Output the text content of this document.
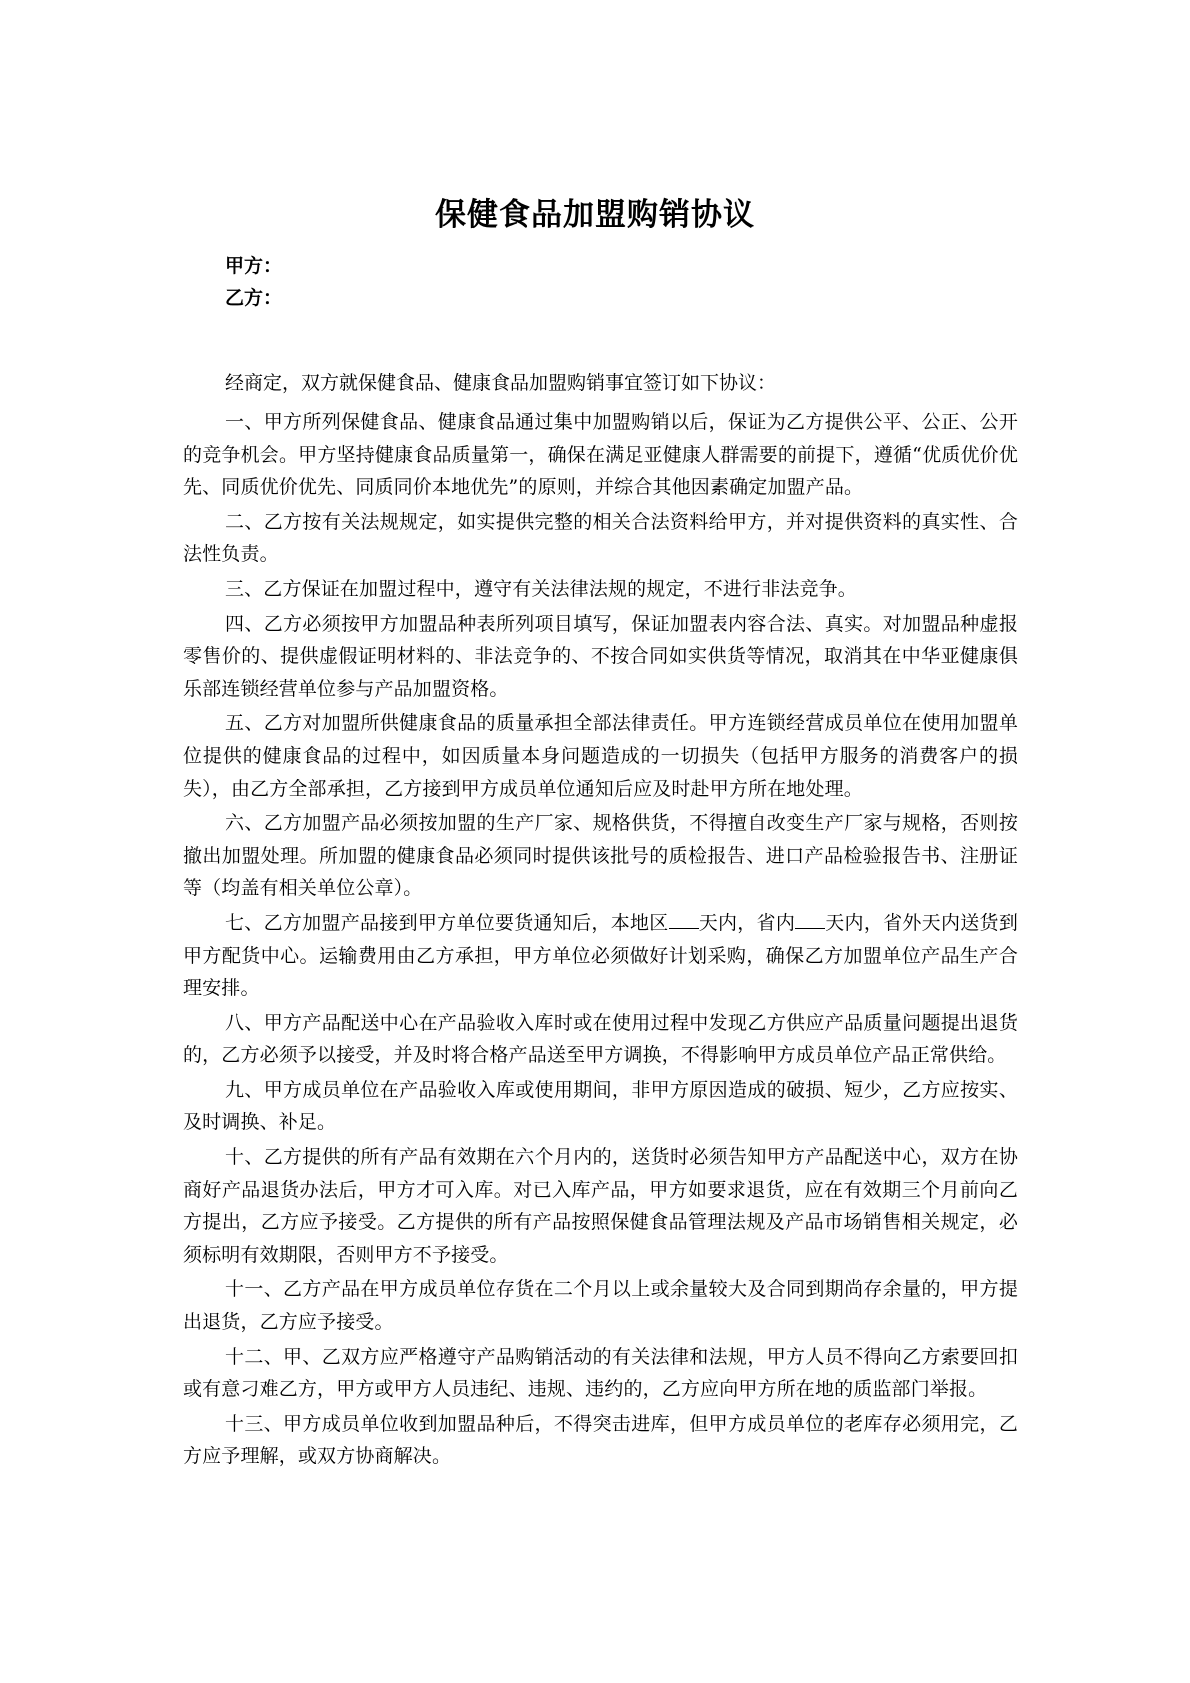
保健食品加盟购销协议
甲方：
乙方：

经商定，双方就保健食品、健康食品加盟购销事宜签订如下协议：

一、甲方所列保健食品、健康食品通过集中加盟购销以后，保证为乙方提供公平、公正、公开的竞争机会。甲方坚持健康食品质量第一，确保在满足亚健康人群需要的前提下，遵循“优质优价优先、同质优价优先、同质同价本地优先”的原则，并综合其他因素确定加盟产品。

二、乙方按有关法规规定，如实提供完整的相关合法资料给甲方，并对提供资料的真实性、合法性负责。

三、乙方保证在加盟过程中，遵守有关法律法规的规定，不进行非法竞争。

四、乙方必须按甲方加盟品种表所列项目填写，保证加盟表内容合法、真实。对加盟品种虚报零售价的、提供虚假证明材料的、非法竞争的、不按合同如实供货等情况，取消其在中华亚健康俱乐部连锁经营单位参与产品加盟资格。

五、乙方对加盟所供健康食品的质量承担全部法律责任。甲方连锁经营成员单位在使用加盟单位提供的健康食品的过程中，如因质量本身问题造成的一切损失（包括甲方服务的消费客户的损失），由乙方全部承担，乙方接到甲方成员单位通知后应及时赴甲方所在地处理。

六、乙方加盟产品必须按加盟的生产厂家、规格供货，不得擅自改变生产厂家与规格，否则按撤出加盟处理。所加盟的健康食品必须同时提供该批号的质检报告、进口产品检验报告书、注册证等（均盖有相关单位公章）。

七、乙方加盟产品接到甲方单位要货通知后，本地区 天内，省内 天内，省外天内送货到甲方配货中心。运输费用由乙方承担，甲方单位必须做好计划采购，确保乙方加盟单位产品生产合理安排。

八、甲方产品配送中心在产品验收入库时或在使用过程中发现乙方供应产品质量问题提出退货的，乙方必须予以接受，并及时将合格产品送至甲方调换，不得影响甲方成员单位产品正常供给。

九、甲方成员单位在产品验收入库或使用期间，非甲方原因造成的破损、短少，乙方应按实、及时调换、补足。

十、乙方提供的所有产品有效期在六个月内的，送货时必须告知甲方产品配送中心，双方在协商好产品退货办法后，甲方才可入库。对已入库产品，甲方如要求退货，应在有效期三个月前向乙方提出，乙方应予接受。乙方提供的所有产品按照保健食品管理法规及产品市场销售相关规定，必须标明有效期限，否则甲方不予接受。

十一、乙方产品在甲方成员单位存货在二个月以上或余量较大及合同到期尚存余量的，甲方提出退货，乙方应予接受。

十二、甲、乙双方应严格遵守产品购销活动的有关法律和法规，甲方人员不得向乙方索要回扣或有意刁难乙方，甲方或甲方人员违纪、违规、违约的，乙方应向甲方所在地的质监部门举报。

十三、甲方成员单位收到加盟品种后，不得突击进库，但甲方成员单位的老库存必须用完，乙方应予理解，或双方协商解决。
